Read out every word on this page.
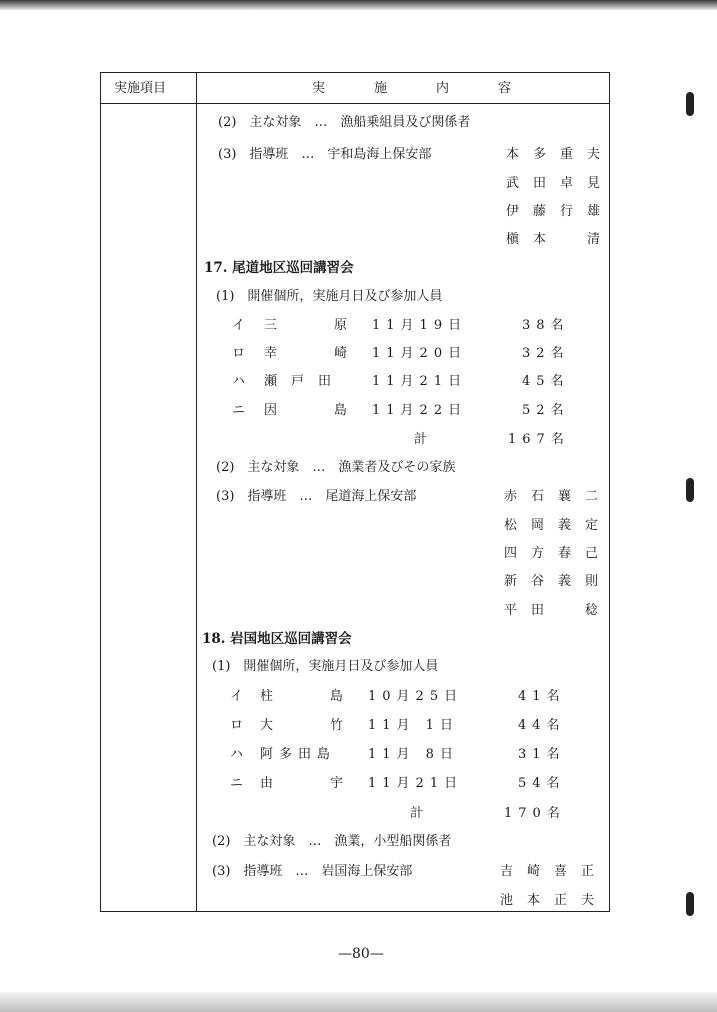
実施項目	実　施　内　容
(2)　主な対象　…　漁船乗組員及び関係者
(3)　指導班　…　宇和島海上保安部	本多重夫
武田卓見
伊藤行雄
槇本　清
17. 尾道地区巡回講習会
(1)　開催個所，実施月日及び参加人員
イ 三　原 11月19日	38名
ロ 幸　崎 11月20日	32名
ハ 瀬戸田 11月21日	45名
ニ 因　島 11月22日	52名
計	167名
(2)　主な対象　…　漁業者及びその家族
(3)　指導班　…　尾道海上保安部	赤石襄二
松岡義定
四方春己
新谷義則
平田　稔
18. 岩国地区巡回講習会
(1)　開催個所，実施月日及び参加人員
イ 柱　島 10月25日	41名
ロ 大　竹 11月 1日	44名
ハ 阿多田島 11月 8日	31名
ニ 由　宇 11月21日	54名
計	170名
(2)　主な対象　…　漁業，小型船関係者
(3)　指導班　…　岩国海上保安部	吉崎喜正
池本正夫
—80—
